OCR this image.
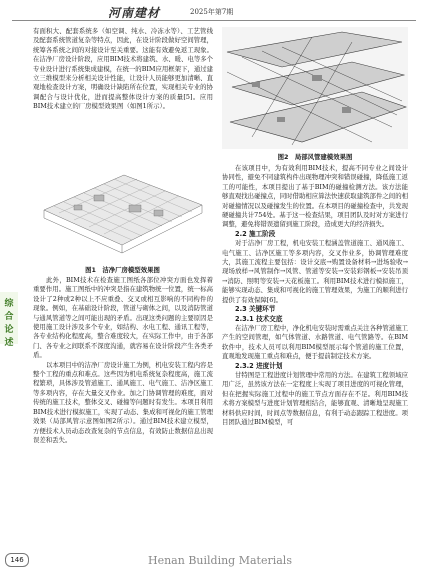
河南建材	2025年第7期
综合论述

有面积大、配套系统多（如空调、纯水、冷冻水等）、工艺管线及配套系统管道复杂等特点，因此，在设计阶段做好空间管理，统筹各系统之间的对接设计至关重要。这能有效避免返工现象。在洁净厂房设计阶段，应用BIM技术将建筑、水、暖、电等多个专业设计进行系统集成建模，在统一的BIM应用框架下，通过建立三维模型来分析相关设计性能，让设计人员能够更加清晰、直观地检查设计方案，明确设计缺陷所在位置，实现相关专业的协调配合与设计优化，进而提高整体设计方案的质量[5]。应用BIM技术建立的厂房模型效果图（如图1所示）。

图1　洁净厂房模型效果图

此外，BIM技术在检查施工图纸各部位冲突方面也发挥着重要作用。施工图纸中的冲突是指在建筑物统一位置，统一标高设计了2种或2种以上不应重叠、交叉或相互影响的不同构件的现象。例如，在基础设计阶段，管道与砌体之间，以及消防管道与通风管道等之间可能出现的矛盾。出现这类问题的主要原因是使用施工设计涉及多个专业，如结构、水电工程、通讯工程等，各专业结构化程度高，整合难度较大，在实际工作中，由于各部门、各专业之间联系不深度沟通，就容易在设计阶段产生各类矛盾。

以本项目中的洁净厂房设计施工为例，机电安装工程内容是整个工程的重点和难点。这些因为机电系统复杂程度高，施工流程繁琐，具体涉及管道施工、通风施工、电气施工、洁净区施工等多项内容，存在大量交叉作业。加之门协调管理的难度，面对传统的施工技术，整体交叉、碰撞等问题时有发生。本项目利用BIM技术进行模拟施工，实现了动态、集成和可视化的施工管理效果（局部风管示意图如图2所示）。通过BIM技术建立模型，方便技术人员动态改查复杂的节点信息，有效防止数据信息出现误差和丢失。

图2　局部风管建模效果图

在该项目中，为有效利用BIM技术，提高不同专业之间设计协同性，避免不同建筑构件出现物理冲突和错误碰撞，降低施工返工的可能性，本项目提出了基于BIM的碰撞检测方法。该方法能够直观找出碰撞点，同时借助相应算法快速获取建筑部件之间的相对碰撞情况以及碰撞发生的位置。在本项目的碰撞检查中，共发现硬碰撞共计754处。基于这一检查结果，项目团队及时对方案进行调整，避免将错误遗留到施工阶段，造成更大的经济损失。

2.2 施工阶段

对于洁净厂房工程，机电安装工程涵盖管道施工、通风施工、电气施工、洁净区施工等多项内容，交叉作业多，协调管理难度大，其施工流程主要包括：设计交底→购置设备材料→进场验收→现场放样→风管制作→风管、管道等安装→安装彩钢板→安装吊顶→消防、照明等安装→天花板施工。利用BIM技术进行模拟施工，能够实现动态、集成和可视化的施工管理效果，为施工的顺利进行提供了有效保障[6]。

2.3 关键环节

2.3.1 技术交底

在洁净厂房工程中，净化机电安装时需重点关注各种管道施工产生的空间管理，如气体管道、水路管道、电气管路等。在BIM软件中，技术人员可以利用BIM模型展示每个管道的施工位置，直观地发现施工重点和难点，便于提前制定技术方案。

2.3.2 进度计划

甘特图是工程进度计划管理中常用的方法。在建筑工程领域应用广泛，虽然该方法在一定程度上实现了项目进度的可视化管理，但在把握实际施工过程中的施工节点方面存在不足。利用BIM技术将方案模型与进度计划管理相结合，能够直观、清晰地呈现施工材料供应时间，时间点等数据信息，有利于动态跟踪工程进度。项目团队通过BIM模型，可

146	Henan Building Materials
